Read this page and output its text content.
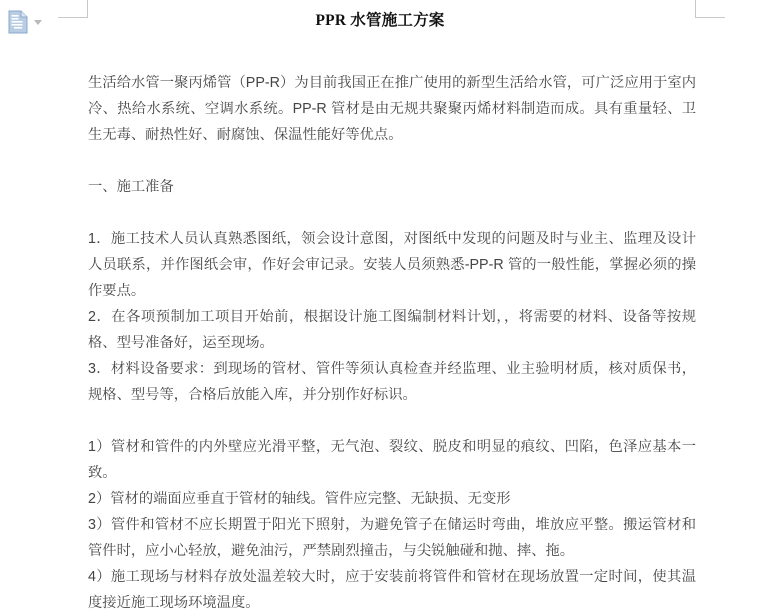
PPR 水管施工方案

生活给水管一聚丙烯管（PP-R）为目前我国正在推广使用的新型生活给水管，可广泛应用于室内冷、热给水系统、空调水系统。PP-R 管材是由无规共聚聚丙烯材料制造而成。具有重量轻、卫生无毒、耐热性好、耐腐蚀、保温性能好等优点。

一、施工准备

1．施工技术人员认真熟悉图纸，领会设计意图，对图纸中发现的问题及时与业主、监理及设计人员联系，并作图纸会审，作好会审记录。安装人员须熟悉-PP-R 管的一般性能，掌握必须的操作要点。

2．在各项预制加工项目开始前，根据设计施工图编制材料计划，，将需要的材料、设备等按规格、型号准备好，运至现场。

3．材料设备要求：到现场的管材、管件等须认真检查并经监理、业主验明材质，核对质保书，规格、型号等，合格后放能入库，并分别作好标识。

1）管材和管件的内外壁应光滑平整，无气泡、裂纹、脱皮和明显的痕纹、凹陷，色泽应基本一致。

2）管材的端面应垂直于管材的轴线。管件应完整、无缺损、无变形

3）管件和管材不应长期置于阳光下照射，为避免管子在储运时弯曲，堆放应平整。搬运管材和管件时，应小心轻放，避免油污，严禁剧烈撞击，与尖锐触碰和抛、摔、拖。

4）施工现场与材料存放处温差较大时，应于安装前将管件和管材在现场放置一定时间，使其温度接近施工现场环境温度。
